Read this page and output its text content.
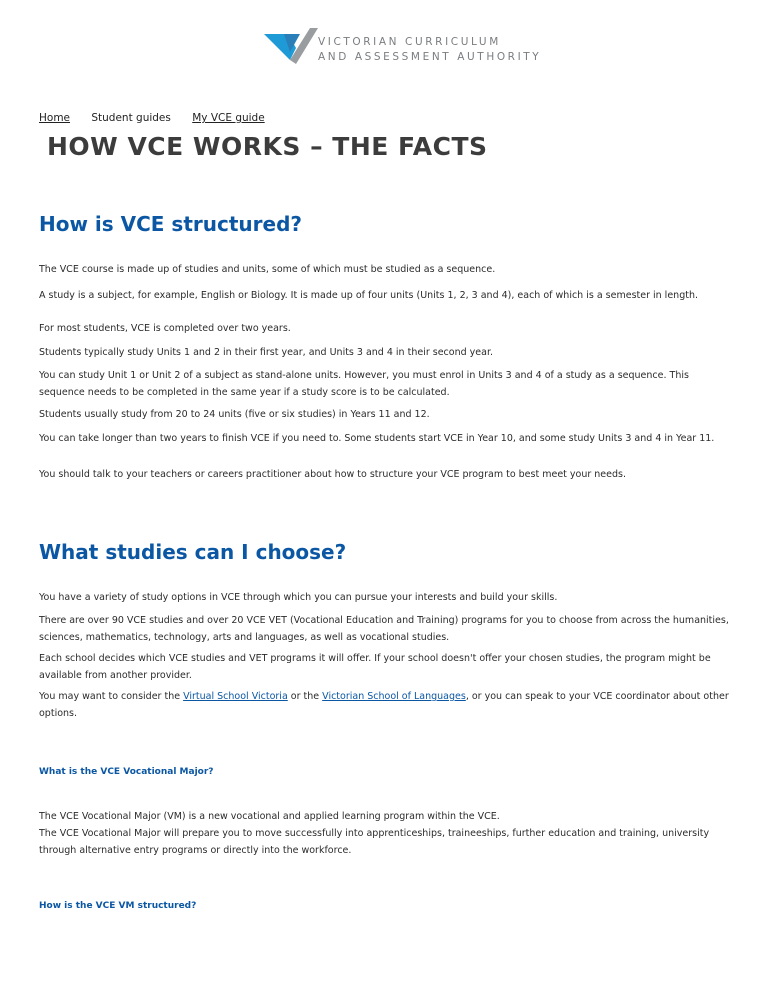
VICTORIAN CURRICULUM
AND ASSESSMENT AUTHORITY
Home Student guides My VCE guide
HOW VCE WORKS – THE FACTS
How is VCE structured?

The VCE course is made up of studies and units, some of which must be studied as a sequence.

A study is a subject, for example, English or Biology. It is made up of four units (Units 1, 2, 3 and 4), each of which is a semester in length.

For most students, VCE is completed over two years.

Students typically study Units 1 and 2 in their first year, and Units 3 and 4 in their second year.

You can study Unit 1 or Unit 2 of a subject as stand-alone units. However, you must enrol in Units 3 and 4 of a study as a sequence. This sequence needs to be completed in the same year if a study score is to be calculated.

Students usually study from 20 to 24 units (five or six studies) in Years 11 and 12.

You can take longer than two years to finish VCE if you need to. Some students start VCE in Year 10, and some study Units 3 and 4 in Year 11.

You should talk to your teachers or careers practitioner about how to structure your VCE program to best meet your needs.

What studies can I choose?

You have a variety of study options in VCE through which you can pursue your interests and build your skills.

There are over 90 VCE studies and over 20 VCE VET (Vocational Education and Training) programs for you to choose from across the humanities, sciences, mathematics, technology, arts and languages, as well as vocational studies.

Each school decides which VCE studies and VET programs it will offer. If your school doesn't offer your chosen studies, the program might be available from another provider.

You may want to consider the Virtual School Victoria or the Victorian School of Languages, or you can speak to your VCE coordinator about other options.

What is the VCE Vocational Major?

The VCE Vocational Major (VM) is a new vocational and applied learning program within the VCE.

The VCE Vocational Major will prepare you to move successfully into apprenticeships, traineeships, further education and training, university through alternative entry programs or directly into the workforce.

How is the VCE VM structured?
